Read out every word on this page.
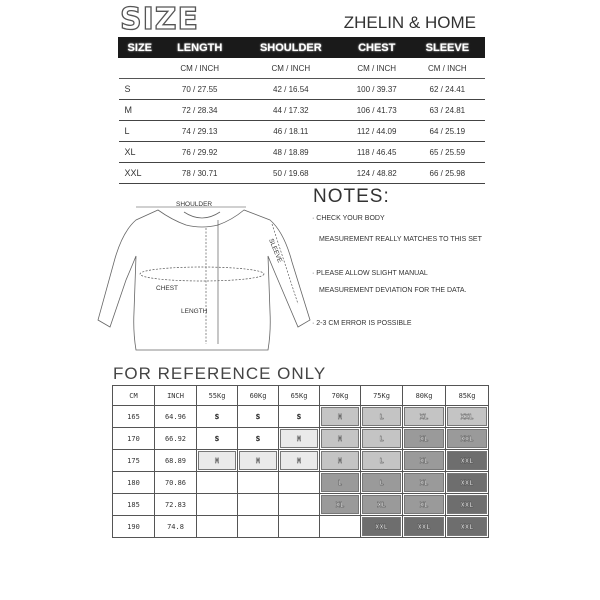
SIZE	ZHELIN & HOME
SIZE	LENGTH	SHOULDER	CHEST	SLEEVE
	CM / INCH	CM / INCH	CM / INCH	CM / INCH
S	70 / 27.55	42 / 16.54	100 / 39.37	62 / 24.41
M	72 / 28.34	44 / 17.32	106 / 41.73	63 / 24.81
L	74 / 29.13	46 / 18.11	112 / 44.09	64 / 25.19
XL	76 / 29.92	48 / 18.89	118 / 46.45	65 / 25.59
XXL	78 / 30.71	50 / 19.68	124 / 48.82	66 / 25.98
SHOULDER
SLEEVE
CHEST
LENGTH
NOTES:
· CHECK YOUR BODY
MEASUREMENT REALLY MATCHES TO THIS SET
· PLEASE ALLOW SLIGHT MANUAL
MEASUREMENT DEVIATION FOR THE DATA.
· 2-3 CM ERROR IS POSSIBLE
FOR REFERENCE ONLY
CM	INCH	55Kg	60Kg	65Kg	70Kg	75Kg	80Kg	85Kg
165	64.96	S	S	S	M	L	XL	XXL

170	66.92	S	S	M	M	L	XL	XXL

175	68.89	M	M	M	M	L	XL	XXL

180	70.86				L	L	XL	XXL

185	72.83				XL	XL	XL	XXL

190	74.8					XXL	XXL	XXL
